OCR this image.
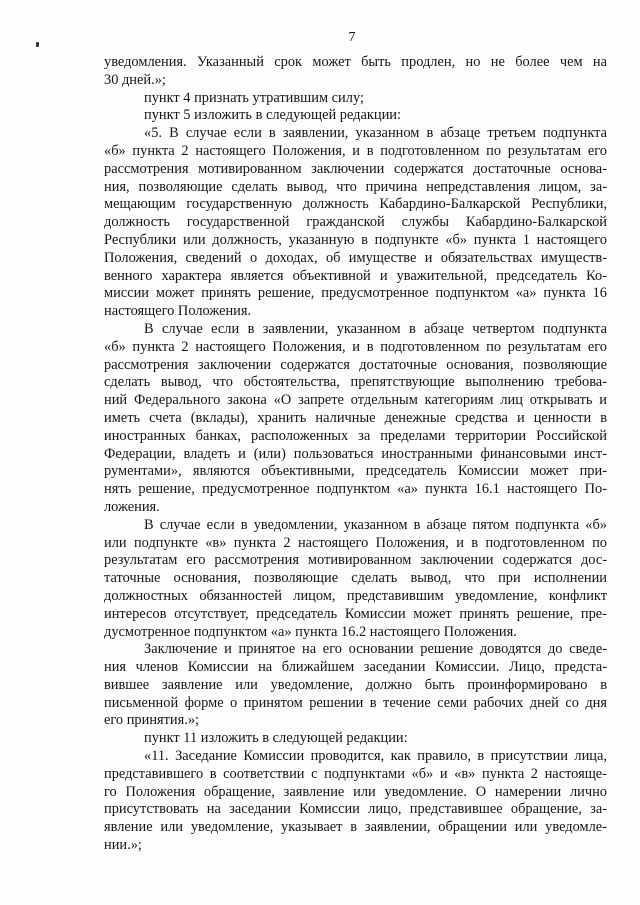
7
уведомления. Указанный срок может быть продлен, но не более чем на
30 дней.»;
пункт 4 признать утратившим силу;
пункт 5 изложить в следующей редакции:
«5. В случае если в заявлении, указанном в абзаце третьем подпункта
«б» пункта 2 настоящего Положения, и в подготовленном по результатам его
рассмотрения мотивированном заключении содержатся достаточные основа-
ния, позволяющие сделать вывод, что причина непредставления лицом, за-
мещающим государственную должность Кабардино-Балкарской Республики,
должность государственной гражданской службы Кабардино-Балкарской
Республики или должность, указанную в подпункте «б» пункта 1 настоящего
Положения, сведений о доходах, об имуществе и обязательствах имуществ-
венного характера является объективной и уважительной, председатель Ко-
миссии может принять решение, предусмотренное подпунктом «а» пункта 16
настоящего Положения.
В случае если в заявлении, указанном в абзаце четвертом подпункта
«б» пункта 2 настоящего Положения, и в подготовленном по результатам его
рассмотрения заключении содержатся достаточные основания, позволяющие
сделать вывод, что обстоятельства, препятствующие выполнению требова-
ний Федерального закона «О запрете отдельным категориям лиц открывать и
иметь счета (вклады), хранить наличные денежные средства и ценности в
иностранных банках, расположенных за пределами территории Российской
Федерации, владеть и (или) пользоваться иностранными финансовыми инст-
рументами», являются объективными, председатель Комиссии может при-
нять решение, предусмотренное подпунктом «а» пункта 16.1 настоящего По-
ложения.
В случае если в уведомлении, указанном в абзаце пятом подпункта «б»
или подпункте «в» пункта 2 настоящего Положения, и в подготовленном по
результатам его рассмотрения мотивированном заключении содержатся дос-
таточные основания, позволяющие сделать вывод, что при исполнении
должностных обязанностей лицом, представившим уведомление, конфликт
интересов отсутствует, председатель Комиссии может принять решение, пре-
дусмотренное подпунктом «а» пункта 16.2 настоящего Положения.
Заключение и принятое на его основании решение доводятся до сведе-
ния членов Комиссии на ближайшем заседании Комиссии. Лицо, предста-
вившее заявление или уведомление, должно быть проинформировано в
письменной форме о принятом решении в течение семи рабочих дней со дня
его принятия.»;
пункт 11 изложить в следующей редакции:
«11. Заседание Комиссии проводится, как правило, в присутствии лица,
представившего в соответствии с подпунктами «б» и «в» пункта 2 настояще-
го Положения обращение, заявление или уведомление. О намерении лично
присутствовать на заседании Комиссии лицо, представившее обращение, за-
явление или уведомление, указывает в заявлении, обращении или уведомле-
нии.»;
